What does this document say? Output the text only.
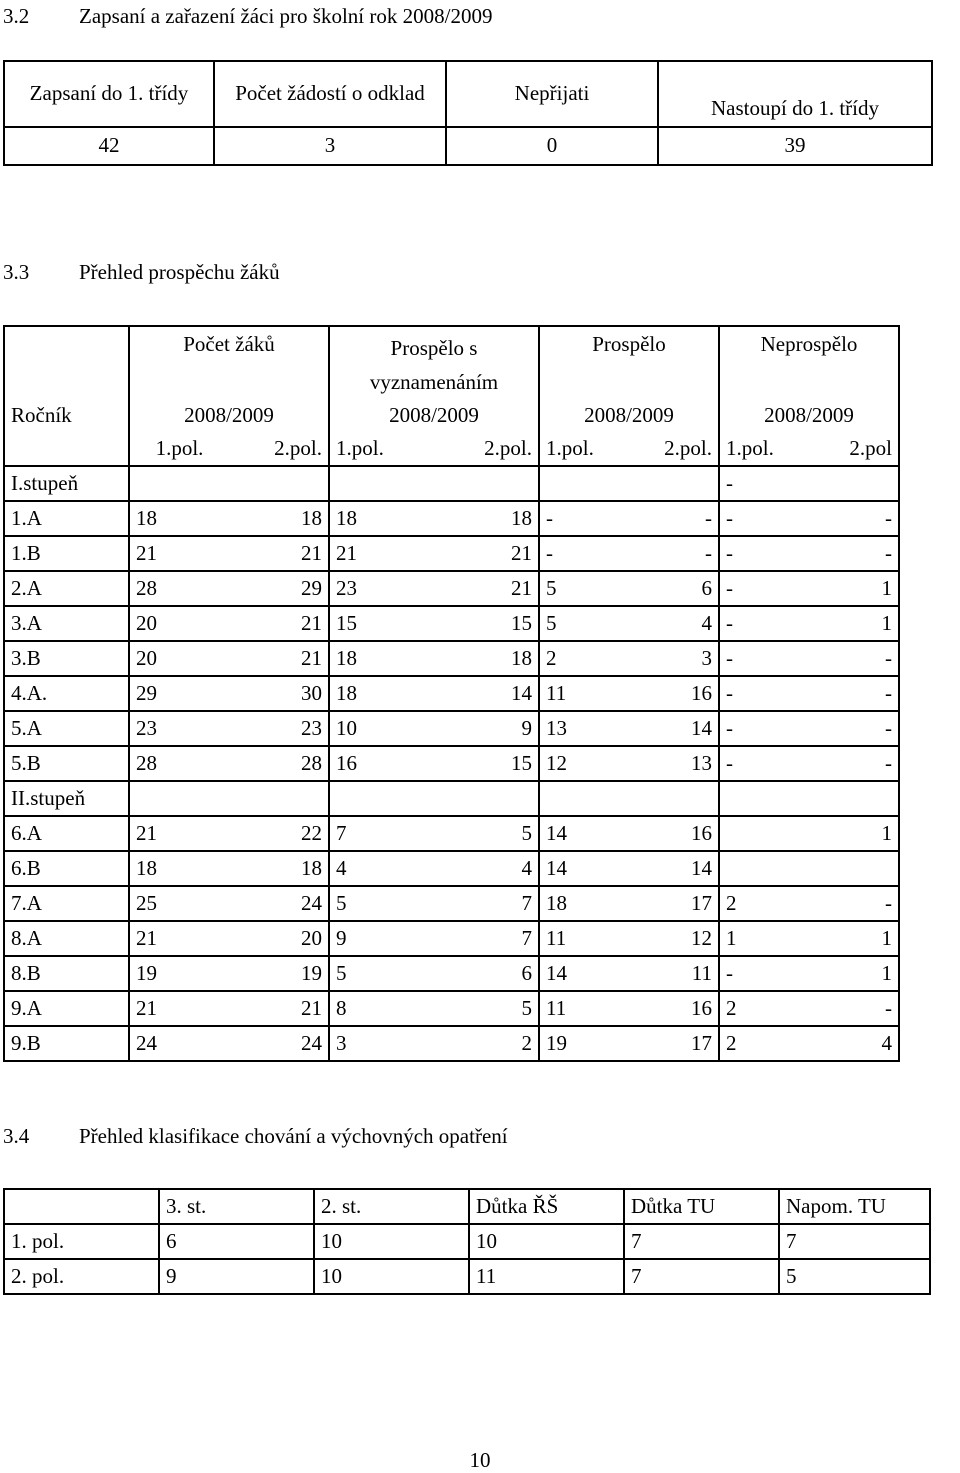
3.2 Zapsaní a zařazení žáci pro školní rok 2008/2009
Zapsaní do 1. třídy	Počet žádostí o odklad	Nepřijati	Nastoupí do 1. třídy
42	3	0	39
3.3 Přehled prospěchu žáků
	Počet žáků		Prospělo s vyznamenáním		Prospělo		Neprospělo	

Ročník	2008/2009		2008/2009		2008/2009		2008/2009	
	1.pol.	2.pol.	1.pol.	2.pol.	1.pol.	2.pol.	1.pol.	2.pol
I.stupeň							-	
1.A	18	18	18	18	-	-	-	-
1.B	21	21	21	21	-	-	-	-
2.A	28	29	23	21	5	6	-	1
3.A	20	21	15	15	5	4	-	1
3.B	20	21	18	18	2	3	-	-
4.A.	29	30	18	14	11	16	-	-
5.A	23	23	10	9	13	14	-	-
5.B	28	28	16	15	12	13	-	-
II.stupeň								
6.A	21	22	7	5	14	16		1
6.B	18	18	4	4	14	14		
7.A	25	24	5	7	18	17	2	-
8.A	21	20	9	7	11	12	1	1
8.B	19	19	5	6	14	11	-	1
9.A	21	21	8	5	11	16	2	-
9.B	24	24	3	2	19	17	2	4
3.4 Přehled klasifikace chování a výchovných opatření
	3. st.	2. st.	Důtka ŘŠ	Důtka TU	Napom. TU
1. pol.	6	10	10	7	7
2. pol.	9	10	11	7	5
10
